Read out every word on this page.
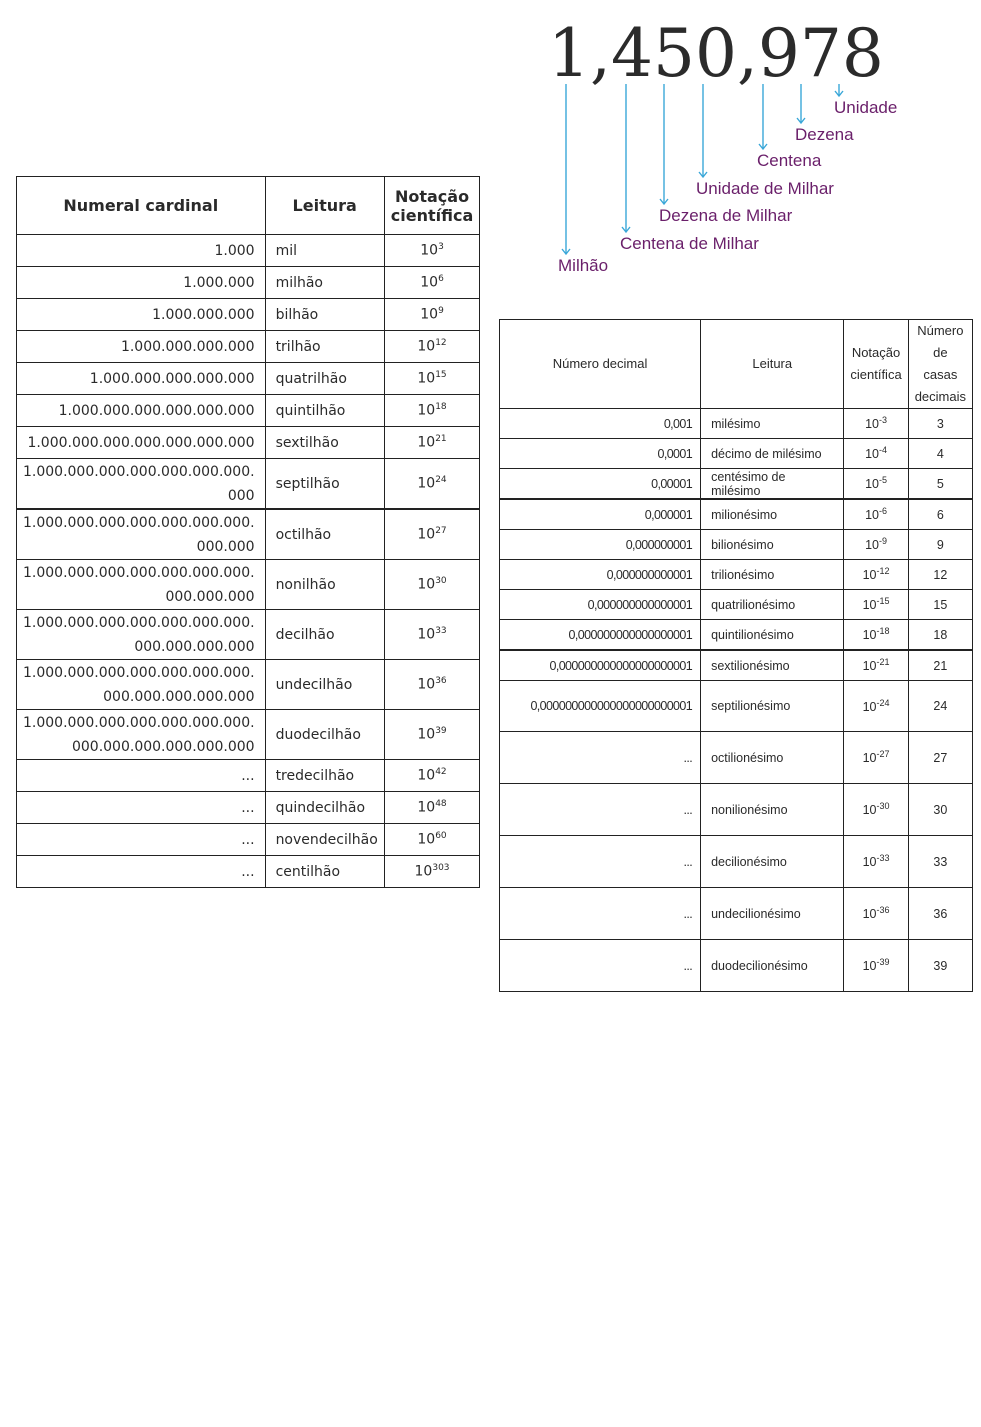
1,450,978
Unidade
Dezena
Centena
Unidade de Milhar
Dezena de Milhar
Centena de Milhar
Milhão
Numeral cardinal	Leitura	Notação
científica
1.000	mil	$10^3$
1.000.000	milhão	$10^6$
1.000.000.000	bilhão	$10^9$
1.000.000.000.000	trilhão	$10^{12}$
1.000.000.000.000.000	quatrilhão	$10^{15}$
1.000.000.000.000.000.000	quintilhão	$10^{18}$
1.000.000.000.000.000.000.000	sextilhão	$10^{21}$
1.000.000.000.000.000.000.000.
000	septilhão	$10^{24}$
1.000.000.000.000.000.000.000.
000.000	octilhão	$10^{27}$
1.000.000.000.000.000.000.000.
000.000.000	nonilhão	$10^{30}$
1.000.000.000.000.000.000.000.
000.000.000.000	decilhão	$10^{33}$
1.000.000.000.000.000.000.000.
000.000.000.000.000	undecilhão	$10^{36}$
1.000.000.000.000.000.000.000.
000.000.000.000.000.000	duodecilhão	$10^{39}$
...	tredecilhão	$10^{42}$
...	quindecilhão	$10^{48}$
...	novendecilhão	$10^{60}$
...	centilhão	$10^{303}$
Número decimal	Leitura	Notação
científica	Número
de casas
decimais
0,001	milésimo	$10^{-3}$	3
0,0001	décimo de milésimo	$10^{-4}$	4
0,00001	centésimo de milésimo	$10^{-5}$	5
0,000001	milionésimo	$10^{-6}$	6
0,000000001	bilionésimo	$10^{-9}$	9
0,000000000001	trilionésimo	$10^{-12}$	12
0,000000000000001	quatrilionésimo	$10^{-15}$	15
0,000000000000000001	quintilionésimo	$10^{-18}$	18
0,000000000000000000001	sextilionésimo	$10^{-21}$	21
0,000000000000000000000001	septilionésimo	$10^{-24}$	24
...	octilionésimo	$10^{-27}$	27
...	nonilionésimo	$10^{-30}$	30
...	decilionésimo	$10^{-33}$	33
...	undecilionésimo	$10^{-36}$	36
...	duodecilionésimo	$10^{-39}$	39
